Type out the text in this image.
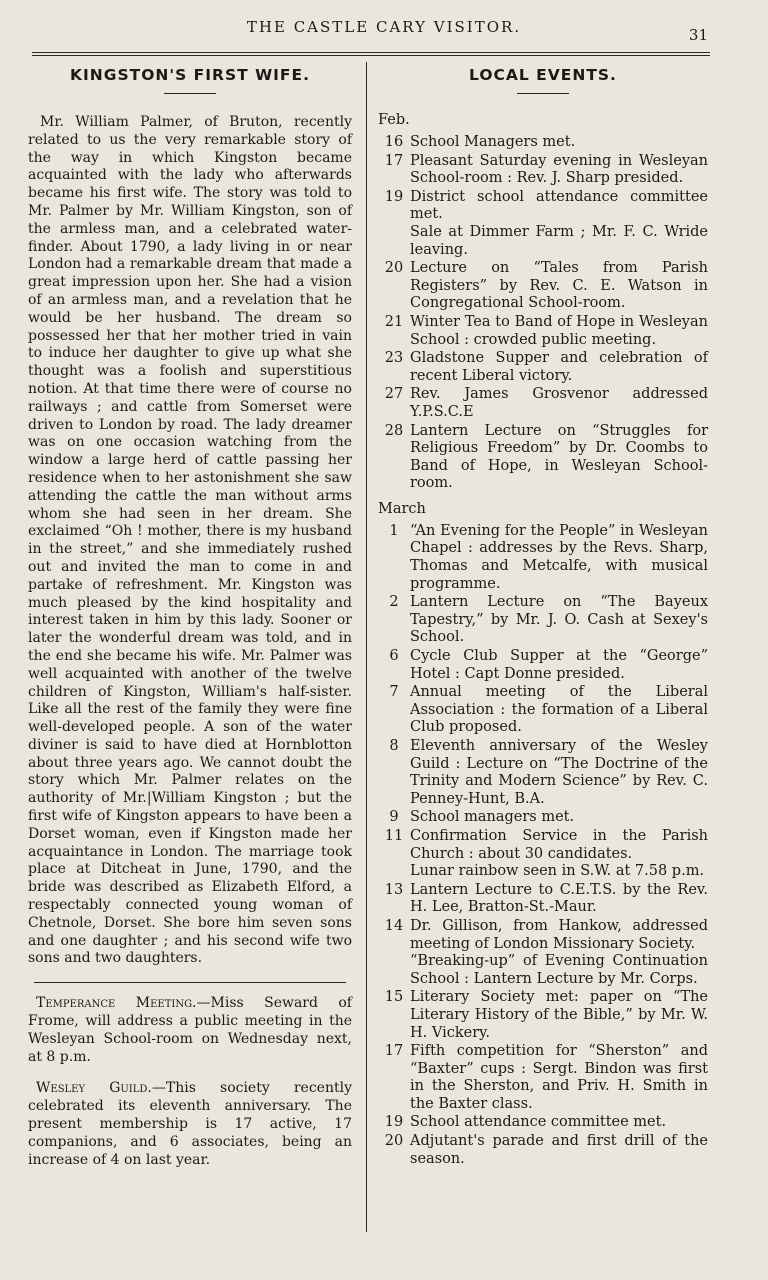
THE CASTLE CARY VISITOR.	31
KINGSTON'S FIRST WIFE.

Mr. William Palmer, of Bruton, recently related to us the very remarkable story of the way in which Kingston became acquainted with the lady who afterwards became his first wife. The story was told to Mr. Palmer by Mr. William Kingston, son of the armless man, and a celebrated water-finder. About 1790, a lady living in or near London had a remarkable dream that made a great impression upon her. She had a vision of an armless man, and a revelation that he would be her husband. The dream so possessed her that her mother tried in vain to induce her daughter to give up what she thought was a foolish and superstitious notion. At that time there were of course no railways ; and cattle from Somerset were driven to London by road. The lady dreamer was on one occasion watching from the window a large herd of cattle passing her residence when to her astonishment she saw attending the cattle the man without arms whom she had seen in her dream. She exclaimed “Oh ! mother, there is my husband in the street,” and she immediately rushed out and invited the man to come in and partake of refreshment. Mr. Kingston was much pleased by the kind hospitality and interest taken in him by this lady. Sooner or later the wonderful dream was told, and in the end she became his wife. Mr. Palmer was well acquainted with another of the twelve children of Kingston, William's half-sister. Like all the rest of the family they were fine well-developed people. A son of the water diviner is said to have died at Hornblotton about three years ago. We cannot doubt the story which Mr. Palmer relates on the authority of Mr.|William Kingston ; but the first wife of Kingston appears to have been a Dorset woman, even if Kingston made her acquaintance in London. The marriage took place at Ditcheat in June, 1790, and the bride was described as Elizabeth Elford, a respectably connected young woman of Chetnole, Dorset. She bore him seven sons and one daughter ; and his second wife two sons and two daughters.

Temperance Meeting.—Miss Seward of Frome, will address a public meeting in the Wesleyan School-room on Wednesday next, at 8 p.m.

Wesley Guild.—This society recently celebrated its eleventh anniversary. The present membership is 17 active, 17 companions, and 6 associates, being an increase of 4 on last year.

LOCAL EVENTS.

Feb.

16 School Managers met.
17 Pleasant Saturday evening in Wesleyan School-room : Rev. J. Sharp presided.
19 District school attendance committee met.
Sale at Dimmer Farm ; Mr. F. C. Wride leaving.
20 Lecture on “Tales from Parish Registers” by Rev. C. E. Watson in Congregational School-room.
21 Winter Tea to Band of Hope in Wesleyan School : crowded public meeting.
23 Gladstone Supper and celebration of recent Liberal victory.
27 Rev. James Grosvenor addressed Y.P.S.C.E
28 Lantern Lecture on “Struggles for Religious Freedom” by Dr. Coombs to Band of Hope, in Wesleyan School-room.

March

1 “An Evening for the People” in Wesleyan Chapel : addresses by the Revs. Sharp, Thomas and Metcalfe, with musical programme.
2 Lantern Lecture on “The Bayeux Tapestry,” by Mr. J. O. Cash at Sexey's School.
6 Cycle Club Supper at the “George” Hotel : Capt Donne presided.
7 Annual meeting of the Liberal Association : the formation of a Liberal Club proposed.
8 Eleventh anniversary of the Wesley Guild : Lecture on “The Doctrine of the Trinity and Modern Science” by Rev. C. Penney-Hunt, B.A.
9 School managers met.
11 Confirmation Service in the Parish Church : about 30 candidates.
Lunar rainbow seen in S.W. at 7.58 p.m.
13 Lantern Lecture to C.E.T.S. by the Rev. H. Lee, Bratton-St.-Maur.
14 Dr. Gillison, from Hankow, addressed meeting of London Missionary Society.
“Breaking-up” of Evening Continuation School : Lantern Lecture by Mr. Corps.
15 Literary Society met: paper on “The Literary History of the Bible,” by Mr. W. H. Vickery.
17 Fifth competition for “Sherston” and “Baxter” cups : Sergt. Bindon was first in the Sherston, and Priv. H. Smith in the Baxter class.
19 School attendance committee met.
20 Adjutant's parade and first drill of the season.
